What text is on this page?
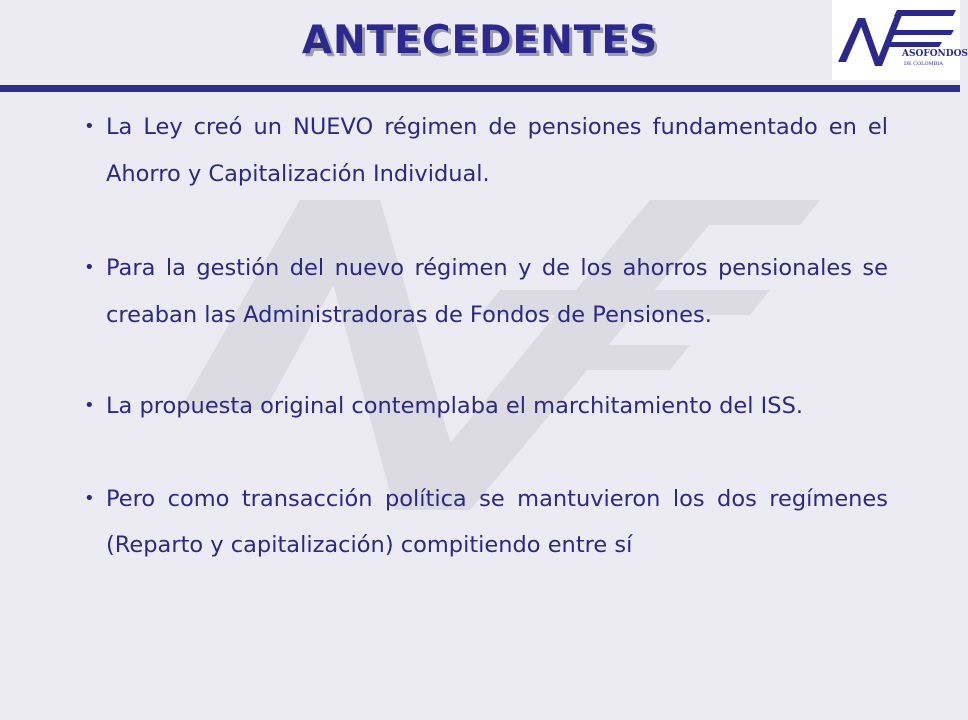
ANTECEDENTES	ASOFONDOS
DE COLOMBIA
• La Ley creó un NUEVO régimen de pensiones fundamentado en el Ahorro y Capitalización Individual.
• Para la gestión del nuevo régimen y de los ahorros pensionales se creaban las Administradoras de Fondos de Pensiones.
• La propuesta original contemplaba el marchitamiento del ISS.
• Pero como transacción política se mantuvieron los dos regímenes (Reparto y capitalización) compitiendo entre sí
